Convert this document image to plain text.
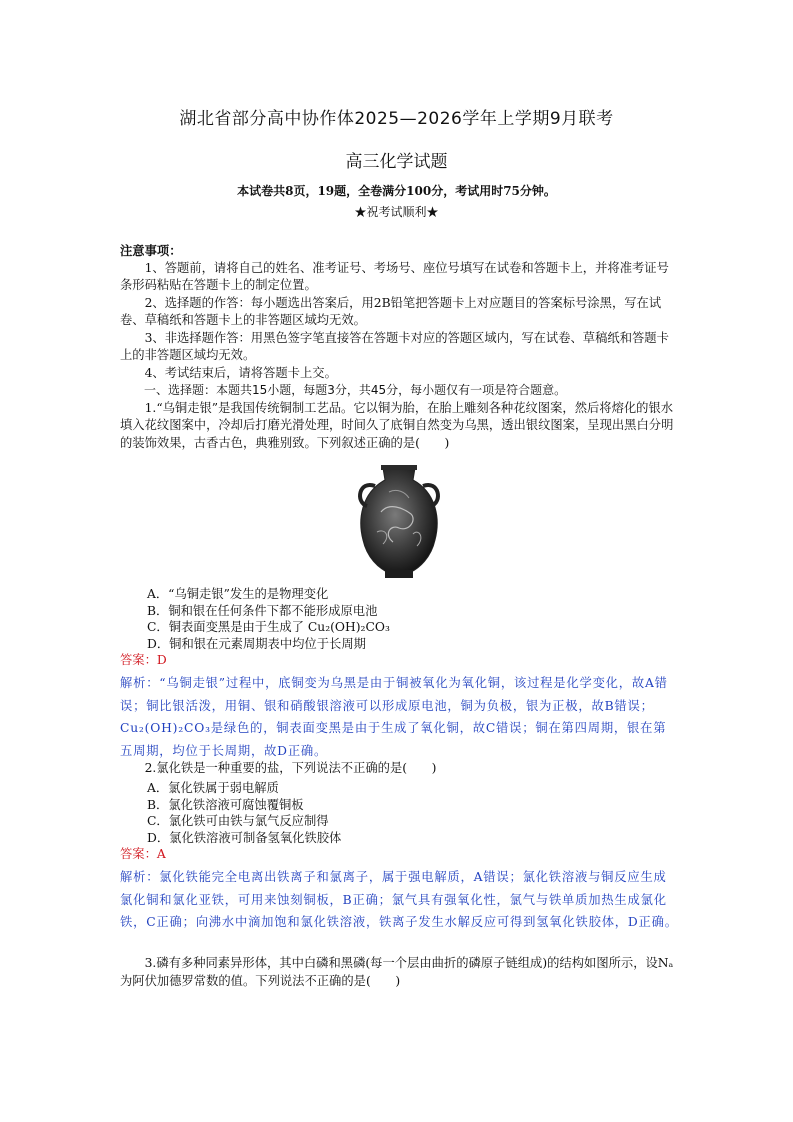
湖北省部分高中协作体2025—2026学年上学期9月联考
高三化学试题
本试卷共8页，19题，全卷满分100分，考试用时75分钟。
★祝考试顺利★
注意事项：
1、答题前，请将自己的姓名、准考证号、考场号、座位号填写在试卷和答题卡上，并将准考证号条形码粘贴在答题卡上的制定位置。
2、选择题的作答：每小题选出答案后，用2B铅笔把答题卡上对应题目的答案标号涂黑，写在试卷、草稿纸和答题卡上的非答题区域均无效。
3、非选择题作答：用黑色签字笔直接答在答题卡对应的答题区域内，写在试卷、草稿纸和答题卡上的非答题区域均无效。
4、考试结束后，请将答题卡上交。
一、选择题：本题共15小题，每题3分，共45分，每小题仅有一项是符合题意。
1.“乌铜走银”是我国传统铜制工艺品。它以铜为胎，在胎上雕刻各种花纹图案，然后将熔化的银水填入花纹图案中，冷却后打磨光滑处理，时间久了底铜自然变为乌黑，透出银纹图案，呈现出黑白分明的装饰效果，古香古色，典雅别致。下列叙述正确的是(　　)
A．“乌铜走银”发生的是物理变化
B．铜和银在任何条件下都不能形成原电池
C．铜表面变黑是由于生成了 Cu₂(OH)₂CO₃
D．铜和银在元素周期表中均位于长周期
答案：D
解析：“乌铜走银”过程中，底铜变为乌黑是由于铜被氧化为氧化铜，该过程是化学变化，故A错误；铜比银活泼，用铜、银和硝酸银溶液可以形成原电池，铜为负极，银为正极，故B错误；Cu₂(OH)₂CO₃是绿色的，铜表面变黑是由于生成了氧化铜，故C错误；铜在第四周期，银在第五周期，均位于长周期，故D正确。
2.氯化铁是一种重要的盐，下列说法不正确的是(　　)
A．氯化铁属于弱电解质
B．氯化铁溶液可腐蚀覆铜板
C．氯化铁可由铁与氯气反应制得
D．氯化铁溶液可制备氢氧化铁胶体
答案：A
解析：氯化铁能完全电离出铁离子和氯离子，属于强电解质，A错误；氯化铁溶液与铜反应生成氯化铜和氯化亚铁，可用来蚀刻铜板，B正确；氯气具有强氧化性，氯气与铁单质加热生成氯化铁，C正确；向沸水中滴加饱和氯化铁溶液，铁离子发生水解反应可得到氢氧化铁胶体，D正确。
3.磷有多种同素异形体，其中白磷和黑磷(每一个层由曲折的磷原子链组成)的结构如图所示，设Nₐ为阿伏加德罗常数的值。下列说法不正确的是(　　)
